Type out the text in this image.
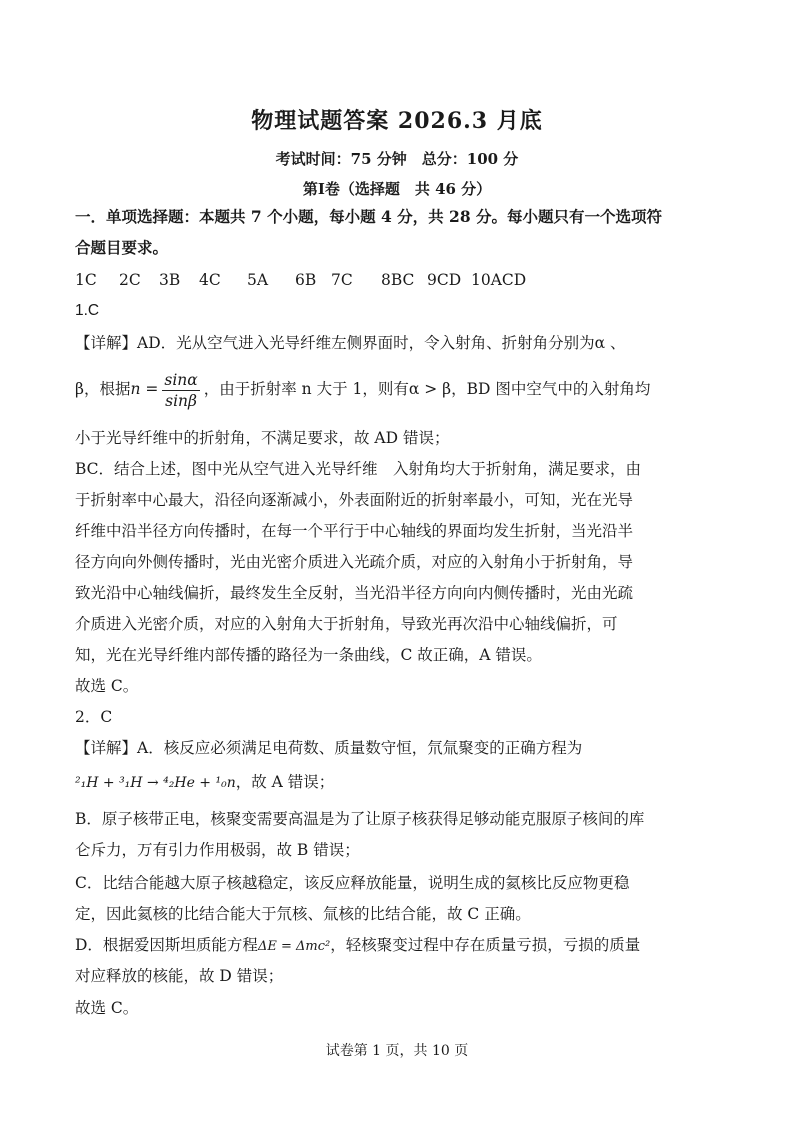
物理试题答案 2026.3 月底
考试时间：75 分钟　总分：100 分
第Ⅰ卷（选择题　共 46 分）
一．单项选择题：本题共 7 个小题，每小题 4 分，共 28 分。每小题只有一个选项符
合题目要求。
1C	2C	3B	4C	5A	6B 7C	8BC 9CD 10ACD
1.C
【详解】AD．光从空气进入光导纤维左侧界面时，令入射角、折射角分别为α 、
β，根据$n = \frac{\sin\alpha}{\sin\beta}$ ，由于折射率 n 大于 1，则有α > β，BD 图中空气中的入射角均
小于光导纤维中的折射角，不满足要求，故 AD 错误；
BC．结合上述，图中光从空气进入光导纤维　入射角均大于折射角，满足要求，由
于折射率中心最大，沿径向逐渐减小，外表面附近的折射率最小，可知，光在光导
纤维中沿半径方向传播时，在每一个平行于中心轴线的界面均发生折射，当光沿半
径方向向外侧传播时，光由光密介质进入光疏介质，对应的入射角小于折射角，导
致光沿中心轴线偏折，最终发生全反射，当光沿半径方向向内侧传播时，光由光疏
介质进入光密介质，对应的入射角大于折射角，导致光再次沿中心轴线偏折，可
知，光在光导纤维内部传播的路径为一条曲线，C 故正确，A 错误。
故选 C。
2．C
【详解】A．核反应必须满足电荷数、质量数守恒，氘氚聚变的正确方程为
²₁H + ³₁H → ⁴₂He + ¹₀n，故 A 错误；
B．原子核带正电，核聚变需要高温是为了让原子核获得足够动能克服原子核间的库
仑斥力，万有引力作用极弱，故 B 错误；
C．比结合能越大原子核越稳定，该反应释放能量，说明生成的氦核比反应物更稳
定，因此氦核的比结合能大于氘核、氚核的比结合能，故 C 正确。
D．根据爱因斯坦质能方程ΔE = Δmc²，轻核聚变过程中存在质量亏损，亏损的质量
对应释放的核能，故 D 错误；
故选 C。
试卷第 1 页，共 10 页
